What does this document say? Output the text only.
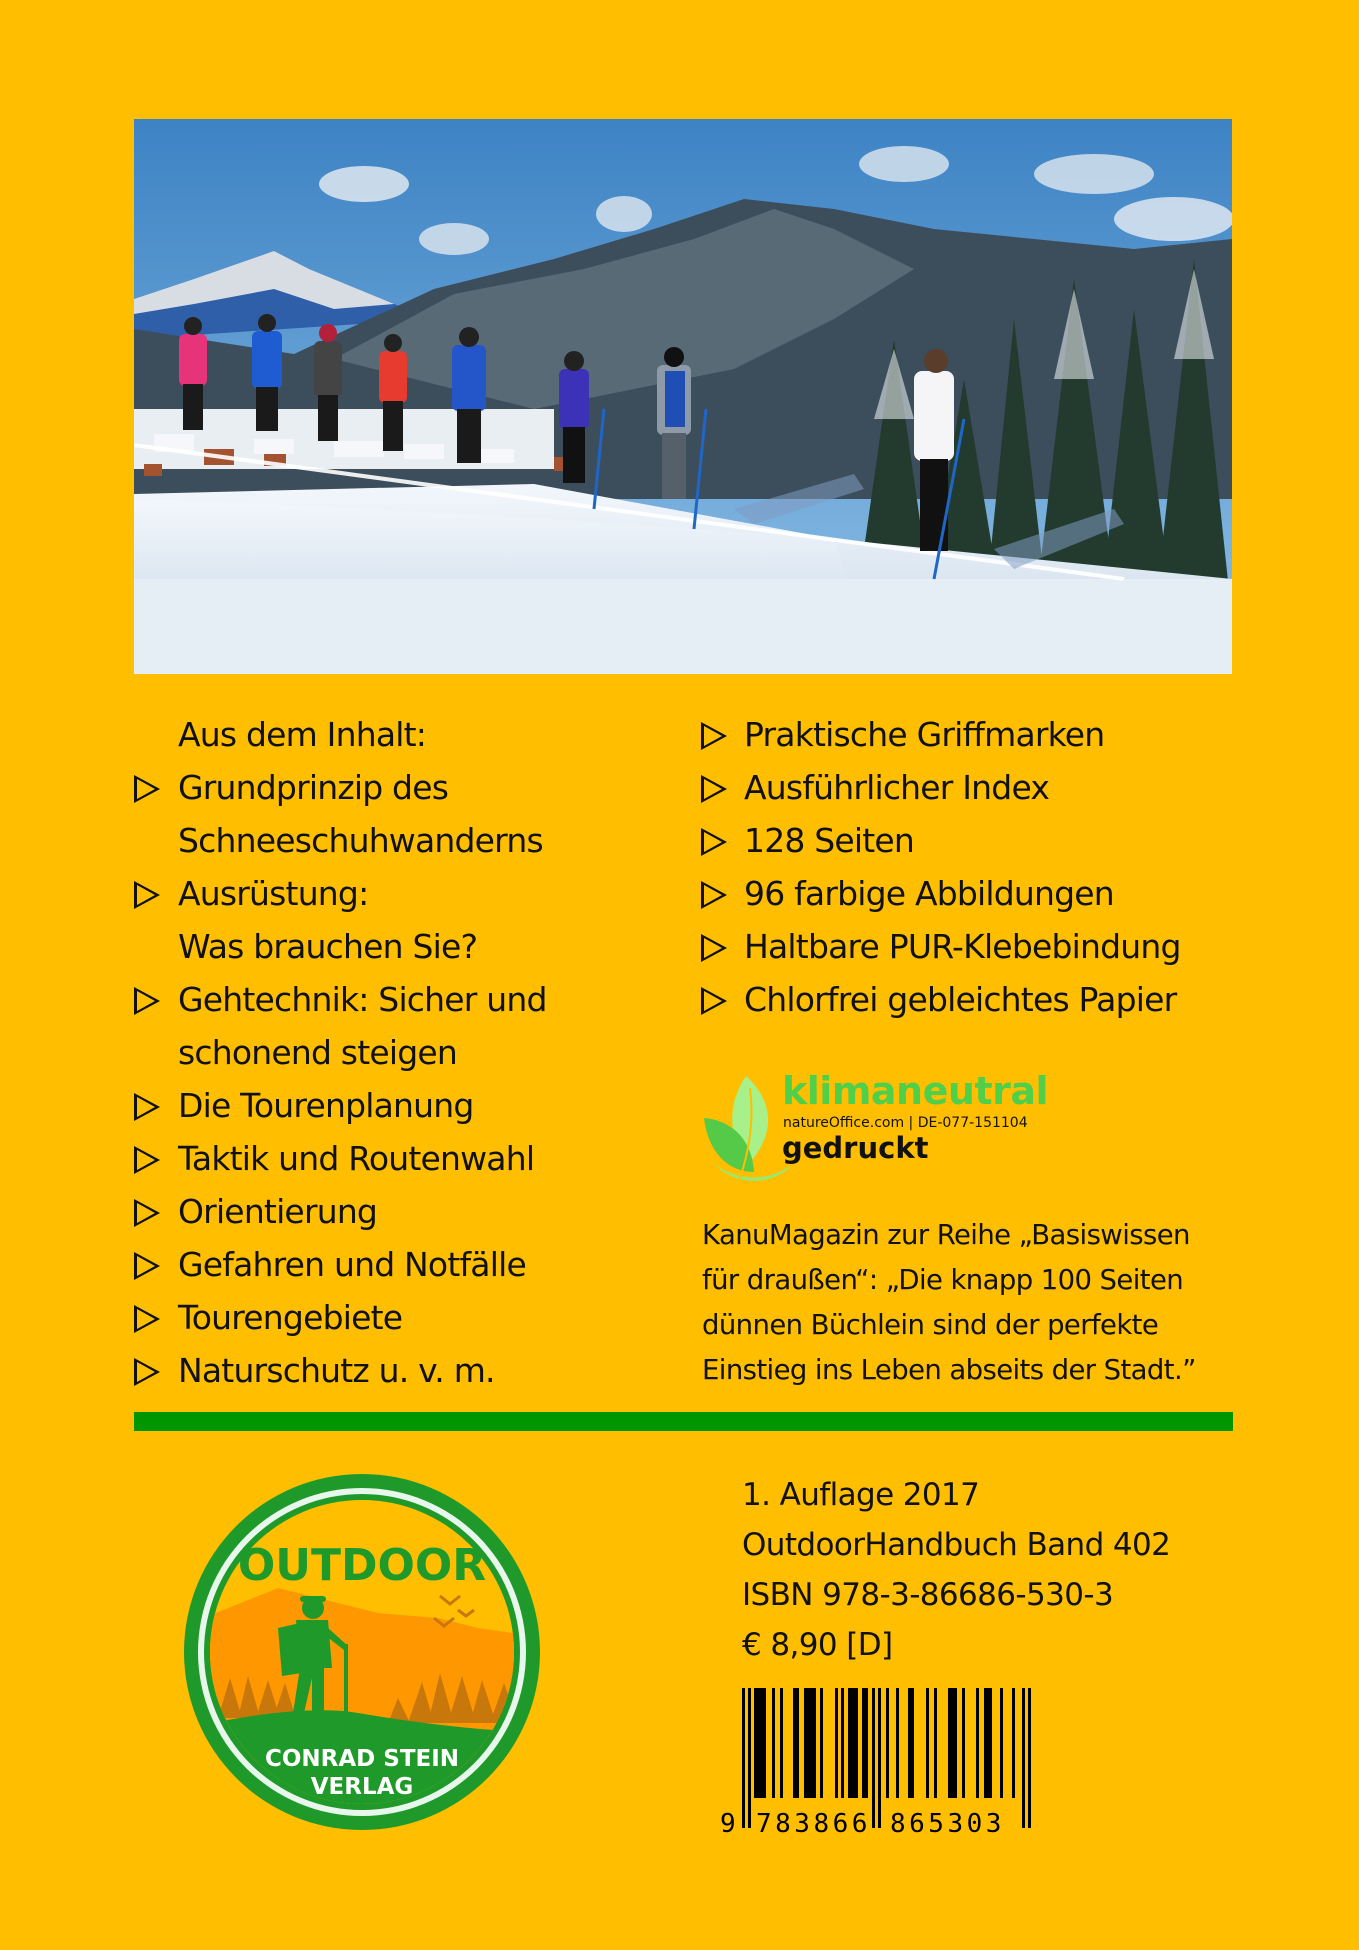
Aus dem Inhalt:
Grundprinzip des
Schneeschuhwanderns
Ausrüstung:
Was brauchen Sie?
Gehtechnik: Sicher und
schonend steigen
Die Tourenplanung
Taktik und Routenwahl
Orientierung
Gefahren und Notfälle
Tourengebiete
Naturschutz u. v. m.
Praktische Griffmarken
Ausführlicher Index
128 Seiten
96 farbige Abbildungen
Haltbare PUR-Klebebindung
Chlorfrei gebleichtes Papier
klimaneutral
natureOffice.com | DE-077-151104
gedruckt
KanuMagazin zur Reihe „Basiswissen
für draußen“: „Die knapp 100 Seiten
dünnen Büchlein sind der perfekte
Einstieg ins Leben abseits der Stadt.”
OUTDOOR
CONRAD STEIN
VERLAG
1. Auflage 2017
OutdoorHandbuch Band 402
ISBN 978-3-86686-530-3
€ 8,90 [D]
9 783866 865303
